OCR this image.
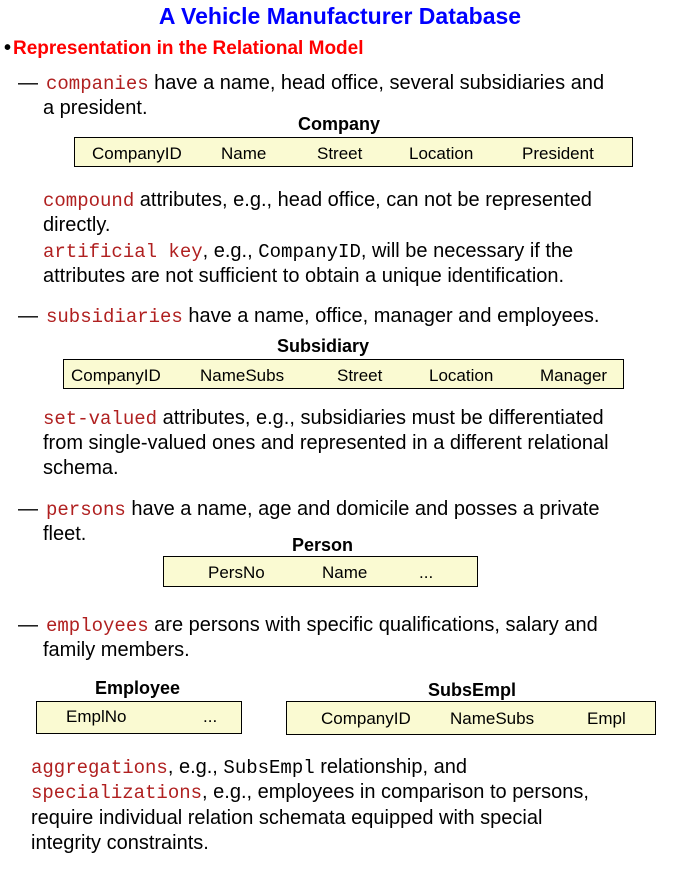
A Vehicle Manufacturer Database
• Representation in the Relational Model
— companies have a name, head office, several subsidiaries and
a president.
Company
CompanyID Name	Street	Location	President
compound attributes, e.g., head office, can not be represented
directly.
artificial key, e.g., CompanyID, will be necessary if the
attributes are not sufficient to obtain a unique identification.
— subsidiaries have a name, office, manager and employees.
Subsidiary
CompanyID NameSubs	Street	Location	Manager
set-valued attributes, e.g., subsidiaries must be differentiated
from single-valued ones and represented in a different relational
schema.
— persons have a name, age and domicile and posses a private
fleet.	Person
PersNo	Name	...
— employees are persons with specific qualifications, salary and
family members.
Employee
EmplNo	...
SubsEmpl
CompanyID NameSubs	Empl
aggregations, e.g., SubsEmpl relationship, and
specializations, e.g., employees in comparison to persons,
require individual relation schemata equipped with special
integrity constraints.
